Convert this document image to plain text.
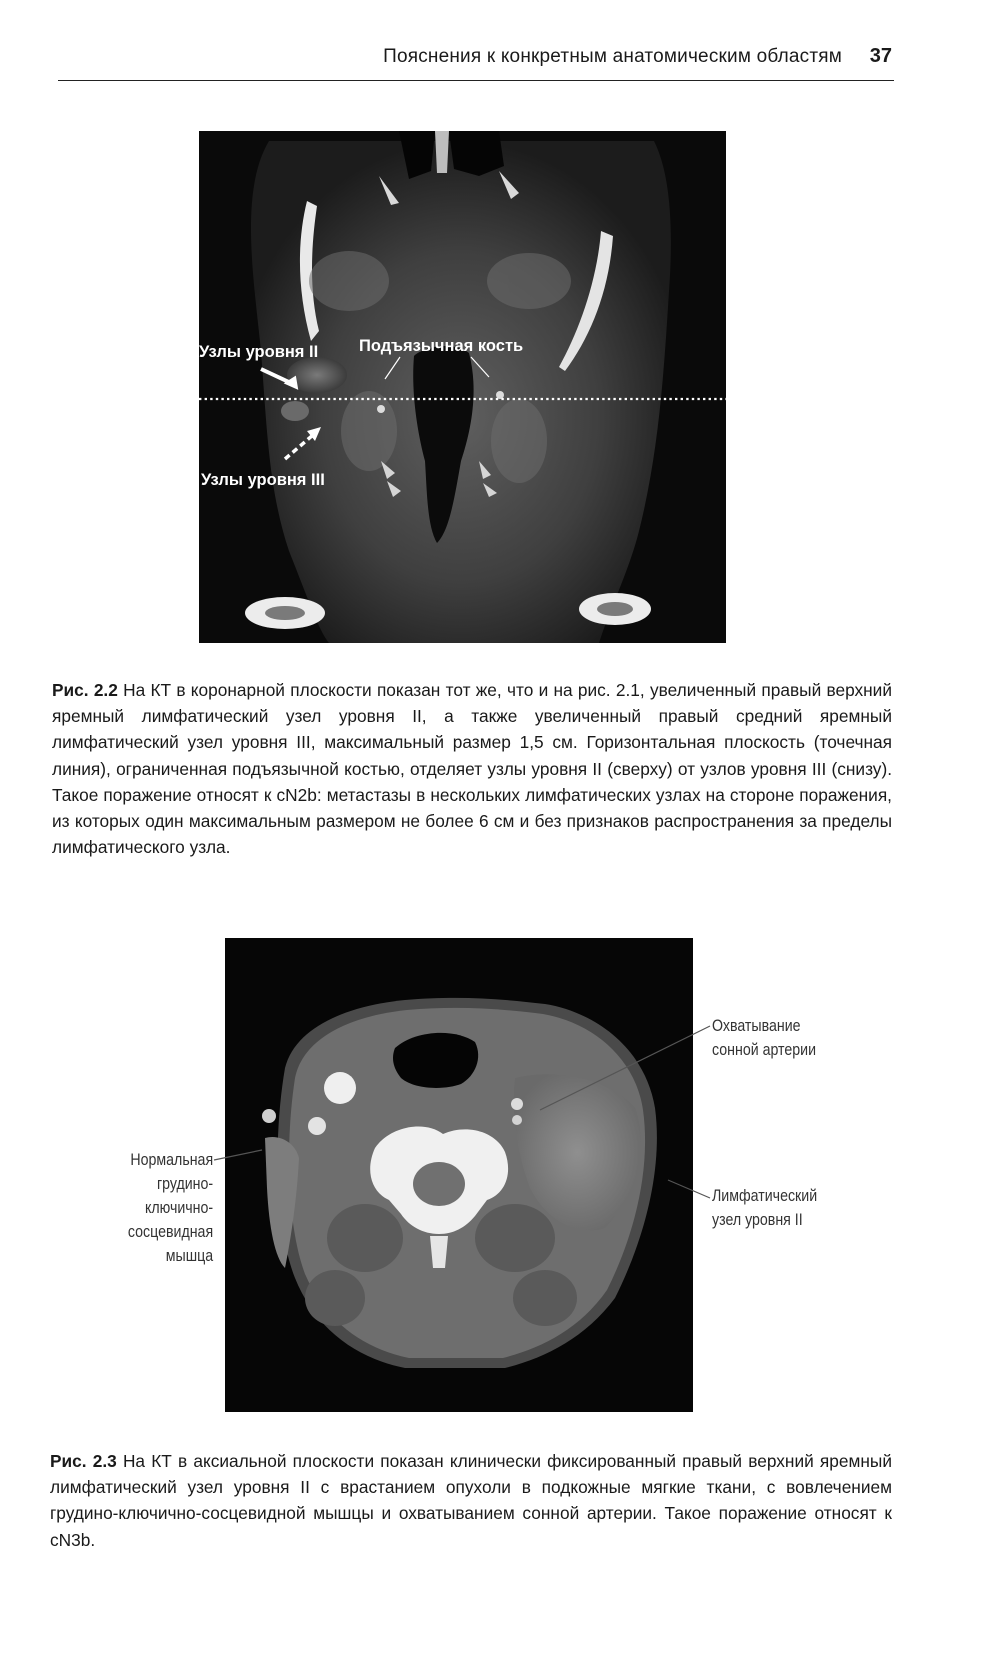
Пояснения к конкретным анатомическим областям 37
Узлы уровня II Подъязычная кость
Узлы уровня III
Рис. 2.2 На КТ в коронарной плоскости показан тот же, что и на рис. 2.1, увеличенный правый верхний яремный лимфатический узел уровня II, а также увеличенный правый средний яремный лимфатический узел уровня III, максимальный размер 1,5 см. Горизонтальная плоскость (точечная линия), ограниченная подъязычной костью, отделяет узлы уровня II (сверху) от узлов уровня III (снизу). Такое поражение относят к cN2b: метастазы в нескольких лимфатических узлах на стороне поражения, из которых один максимальным размером не более 6 см и без признаков распространения за пределы лимфатического узла.
Охватывание
сонной артерии
Лимфатический
узел уровня II
Нормальная
грудино-
ключично-
сосцевидная
мышца
Рис. 2.3 На КТ в аксиальной плоскости показан клинически фиксированный правый верхний яремный лимфатический узел уровня II с врастанием опухоли в подкожные мягкие ткани, с вовлечением грудино-ключично-сосцевидной мышцы и охватыванием сонной артерии. Такое поражение относят к cN3b.
